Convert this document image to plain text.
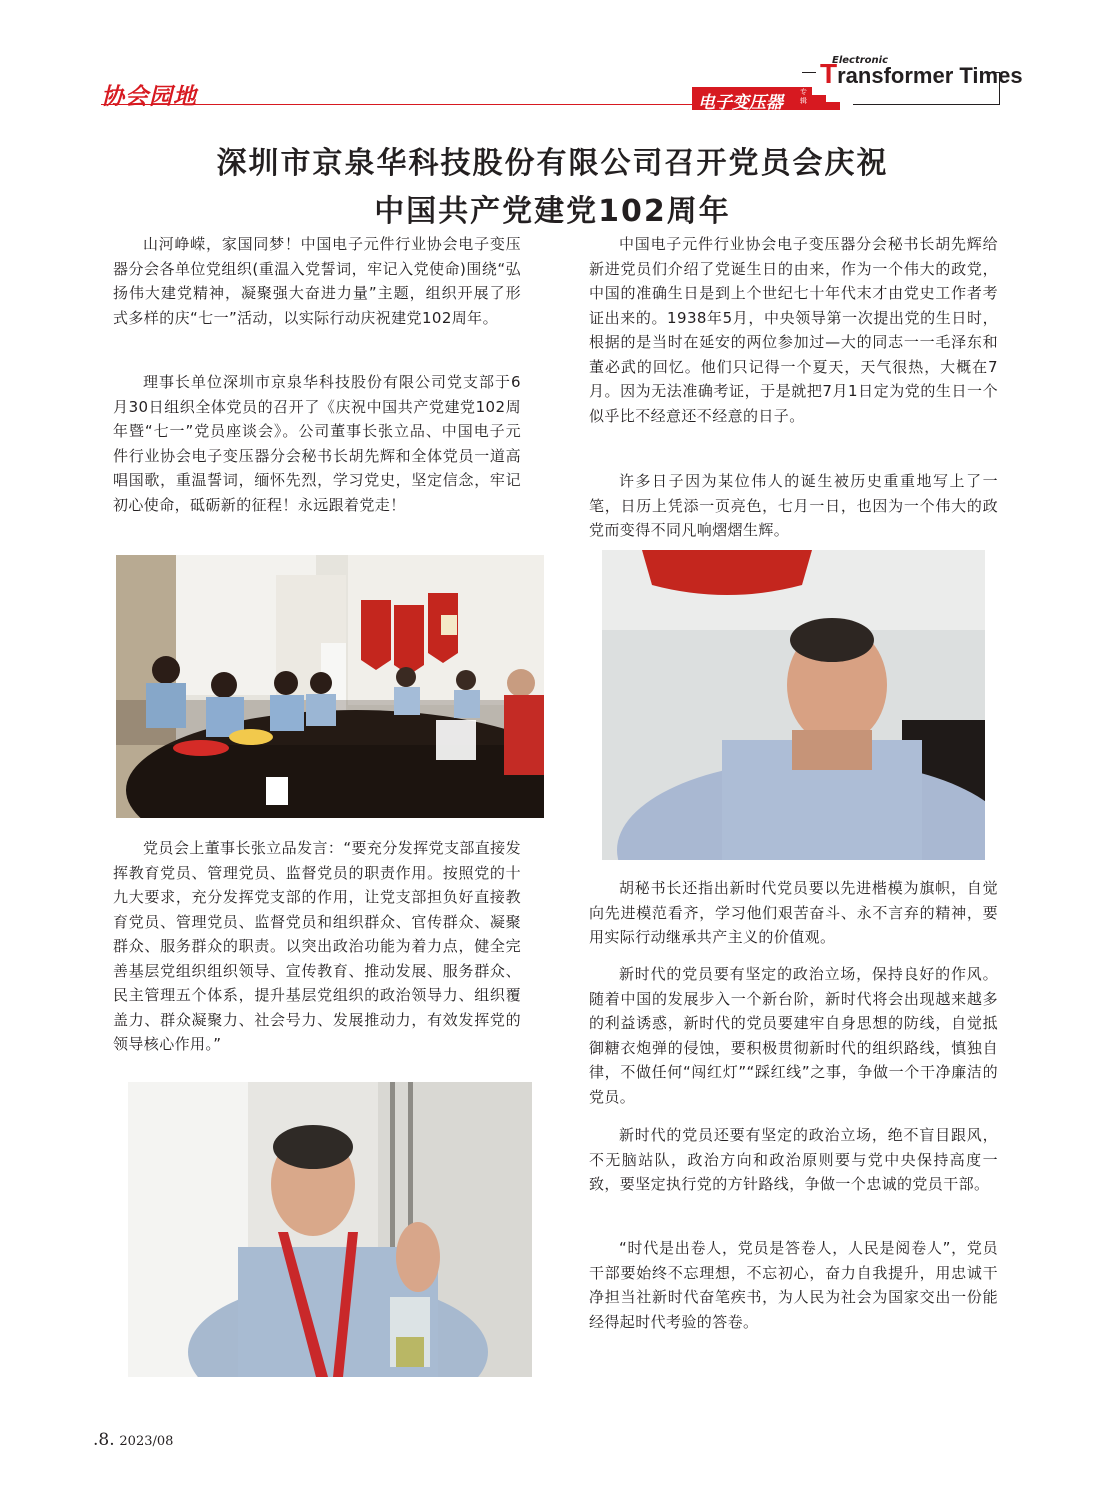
协会园地	电子变压器
专辑
Electronic
Transformer Times
深圳市京泉华科技股份有限公司召开党员会庆祝
中国共产党建党102周年

山河峥嵘，家国同梦！中国电子元件行业协会电子变压器分会各单位党组织(重温入党誓词，牢记入党使命)围绕“弘扬伟大建党精神，凝聚强大奋进力量”主题，组织开展了形式多样的庆“七一”活动，以实际行动庆祝建党102周年。

理事长单位深圳市京泉华科技股份有限公司党支部于6月30日组织全体党员的召开了《庆祝中国共产党建党102周年暨“七一”党员座谈会》。公司董事长张立品、中国电子元件行业协会电子变压器分会秘书长胡先辉和全体党员一道高唱国歌，重温誓词，缅怀先烈，学习党史，坚定信念，牢记初心使命，砥砺新的征程！永远跟着党走！

党员会上董事长张立品发言：“要充分发挥党支部直接发挥教育党员、管理党员、监督党员的职责作用。按照党的十九大要求，充分发挥党支部的作用，让党支部担负好直接教育党员、管理党员、监督党员和组织群众、官传群众、凝聚群众、服务群众的职责。以突出政治功能为着力点，健全完善基层党组织组织领导、宣传教育、推动发展、服务群众、民主管理五个体系，提升基层党组织的政治领导力、组织覆盖力、群众凝聚力、社会号力、发展推动力，有效发挥党的领导核心作用。”

中国电子元件行业协会电子变压器分会秘书长胡先辉给新进党员们介绍了党诞生日的由来，作为一个伟大的政党，中国的准确生日是到上个世纪七十年代末才由党史工作者考证出来的。1938年5月，中央领导第一次提出党的生日时，根据的是当时在延安的两位参加过—大的同志一一毛泽东和董必武的回忆。他们只记得一个夏天，天气很热，大概在7月。因为无法准确考证，于是就把7月1日定为党的生日一个似乎比不经意还不经意的日子。

许多日子因为某位伟人的诞生被历史重重地写上了一笔，日历上凭添一页亮色，七月一日，也因为一个伟大的政党而变得不同凡响熠熠生辉。

胡秘书长还指出新时代党员要以先进楷模为旗帜，自觉向先进模范看齐，学习他们艰苦奋斗、永不言弃的精神，要用实际行动继承共产主义的价值观。

新时代的党员要有坚定的政治立场，保持良好的作风。随着中国的发展步入一个新台阶，新时代将会出现越来越多的利益诱惑，新时代的党员要建牢自身思想的防线，自觉抵御糖衣炮弹的侵蚀，要积极贯彻新时代的组织路线，慎独自律，不做任何“闯红灯”“踩红线”之事，争做一个干净廉洁的党员。

新时代的党员还要有坚定的政治立场，绝不盲目跟风，不无脑站队，政治方向和政治原则要与党中央保持高度一致，要坚定执行党的方针路线，争做一个忠诚的党员干部。

“时代是出卷人，党员是答卷人，人民是阅卷人”，党员干部要始终不忘理想，不忘初心，奋力自我提升，用忠诚干净担当社新时代奋笔疾书，为人民为社会为国家交出一份能经得起时代考验的答卷。

.8. 2023/08
